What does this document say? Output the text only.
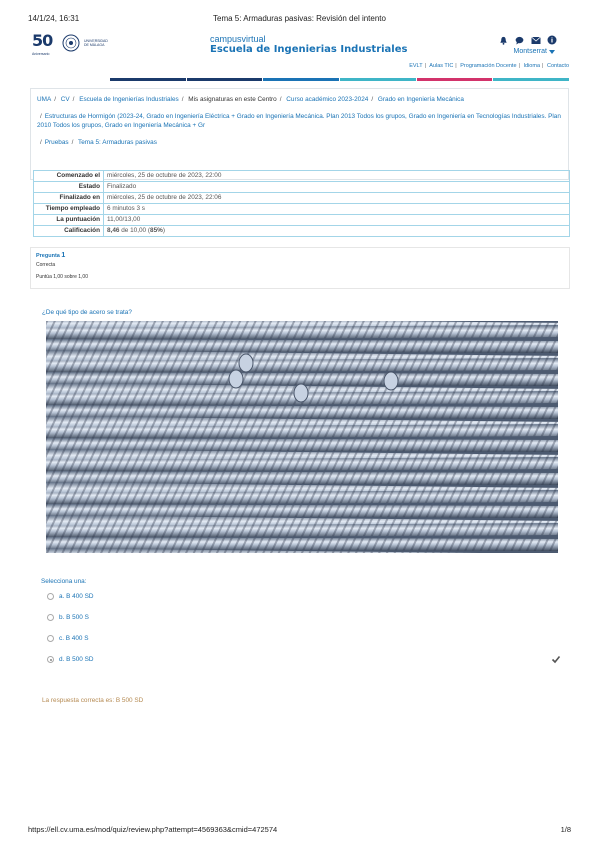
14/1/24, 16:31	Tema 5: Armaduras pasivas: Revisión del intento
50
Aniversario
UNIVERSIDAD DE MÁLAGA
campusvirtual
Escuela de Ingenierias Industriales
i
Montserrat
EVLT | Aulas TIC | Programación Docente | Idioma | Contacto
UMA / CV / Escuela de Ingenierías Industriales / Mis asignaturas en este Centro / Curso académico 2023-2024 / Grado en Ingeniería Mecánica
/ Estructuras de Hormigón (2023-24, Grado en Ingeniería Eléctrica + Grado en Ingeniería Mecánica. Plan 2013 Todos los grupos, Grado en Ingeniería en Tecnologías Industriales. Plan 2010 Todos los grupos, Grado en Ingeniería Mecánica + Gr
/ Pruebas / Tema 5: Armaduras pasivas
Comenzado el	miércoles, 25 de octubre de 2023, 22:00
Estado	Finalizado
Finalizado en	miércoles, 25 de octubre de 2023, 22:06
Tiempo empleado	6 minutos 3 s
La puntuación	11,00/13,00
Calificación	8,46 de 10,00 (85%)
Pregunta 1
Correcta
Puntúa 1,00 sobre 1,00
¿De qué tipo de acero se trata?
Selecciona una:
a. B 400 SD
b. B 500 S
c. B 400 S
d. B 500 SD
La respuesta correcta es: B 500 SD
https://ell.cv.uma.es/mod/quiz/review.php?attempt=4569363&cmid=472574	1/8
